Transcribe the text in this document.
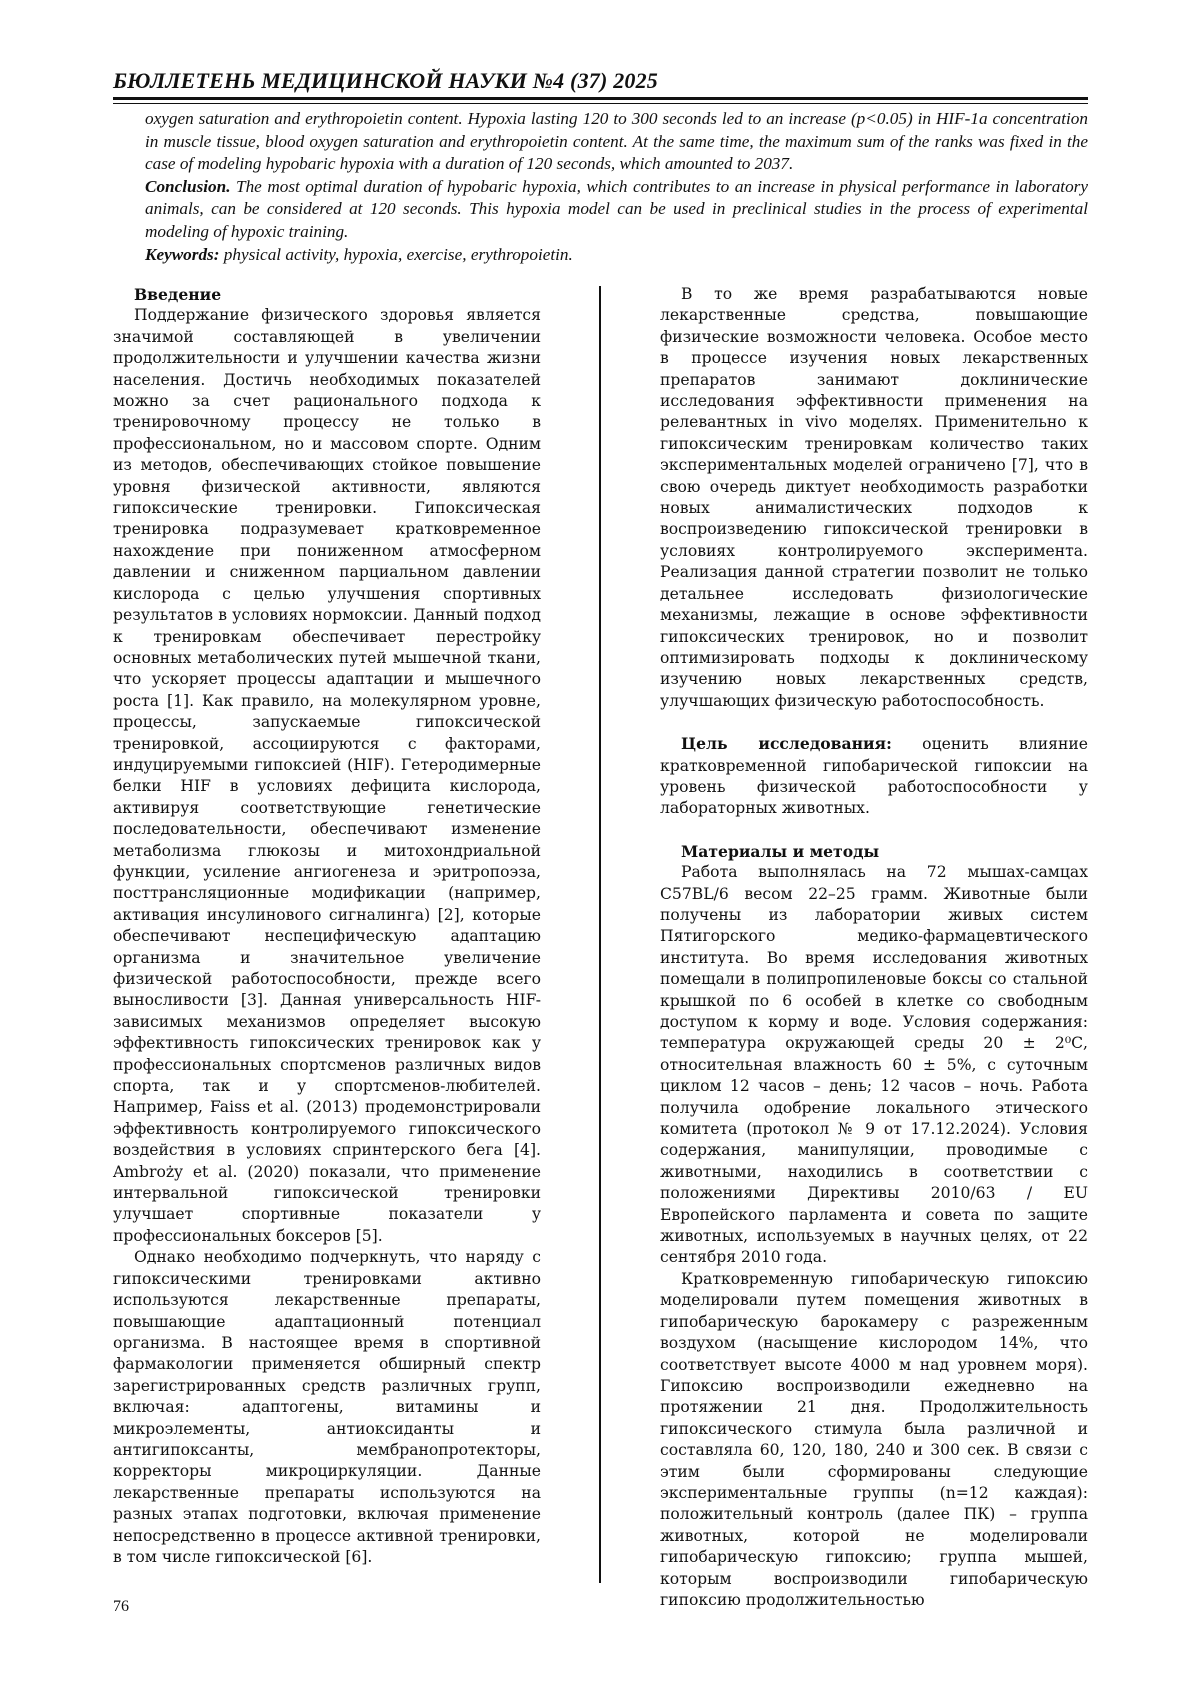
БЮЛЛЕТЕНЬ МЕДИЦИНСКОЙ НАУКИ №4 (37) 2025

oxygen saturation and erythropoietin content. Hypoxia lasting 120 to 300 seconds led to an increase (p<0.05) in HIF-1a concentration in muscle tissue, blood oxygen saturation and erythropoietin content. At the same time, the maximum sum of the ranks was fixed in the case of modeling hypobaric hypoxia with a duration of 120 seconds, which amounted to 2037.

Conclusion. The most optimal duration of hypobaric hypoxia, which contributes to an increase in physical performance in laboratory animals, can be considered at 120 seconds. This hypoxia model can be used in preclinical studies in the process of experimental modeling of hypoxic training.

Keywords: physical activity, hypoxia, exercise, erythropoietin.

Введение

Поддержание физического здоровья является значимой составляющей в увеличении продолжительности и улучшении качества жизни населения. Достичь необходимых показателей можно за счет рационального подхода к тренировочному процессу не только в профессиональном, но и массовом спорте. Одним из методов, обеспечивающих стойкое повышение уровня физической активности, являются гипоксические тренировки. Гипоксическая тренировка подразумевает кратковременное нахождение при пониженном атмосферном давлении и сниженном парциальном давлении кислорода с целью улучшения спортивных результатов в условиях нормоксии. Данный подход к тренировкам обеспечивает перестройку основных метаболических путей мышечной ткани, что ускоряет процессы адаптации и мышечного роста [1]. Как правило, на молекулярном уровне, процессы, запускаемые гипоксической тренировкой, ассоциируются с факторами, индуцируемыми гипоксией (HIF). Гетеродимерные белки HIF в условиях дефицита кислорода, активируя соответствующие генетические последовательности, обеспечивают изменение метаболизма глюкозы и митохондриальной функции, усиление ангиогенеза и эритропоэза, посттрансляционные модификации (например, активация инсулинового сигналинга) [2], которые обеспечивают неспецифическую адаптацию организма и значительное увеличение физической работоспособности, прежде всего выносливости [3]. Данная универсальность HIF-зависимых механизмов определяет высокую эффективность гипоксических тренировок как у профессиональных спортсменов различных видов спорта, так и у спортсменов-любителей. Например, Faiss et al. (2013) продемонстрировали эффективность контролируемого гипоксического воздействия в условиях спринтерского бега [4]. Ambroży et al. (2020) показали, что применение интервальной гипоксической тренировки улучшает спортивные показатели у профессиональных боксеров [5].

Однако необходимо подчеркнуть, что наряду с гипоксическими тренировками активно используются лекарственные препараты, повышающие адаптационный потенциал организма. В настоящее время в спортивной фармакологии применяется обширный спектр зарегистрированных средств различных групп, включая: адаптогены, витамины и микроэлементы, антиоксиданты и антигипоксанты, мембранопротекторы, корректоры микроциркуляции. Данные лекарственные препараты используются на разных этапах подготовки, включая применение непосредственно в процессе активной тренировки, в том числе гипоксической [6].

В то же время разрабатываются новые лекарственные средства, повышающие физические возможности человека. Особое место в процессе изучения новых лекарственных препаратов занимают доклинические исследования эффективности применения на релевантных in vivo моделях. Применительно к гипоксическим тренировкам количество таких экспериментальных моделей ограничено [7], что в свою очередь диктует необходимость разработки новых анималистических подходов к воспроизведению гипоксической тренировки в условиях контролируемого эксперимента. Реализация данной стратегии позволит не только детальнее исследовать физиологические механизмы, лежащие в основе эффективности гипоксических тренировок, но и позволит оптимизировать подходы к доклиническому изучению новых лекарственных средств, улучшающих физическую работоспособность.

Цель исследования: оценить влияние кратковременной гипобарической гипоксии на уровень физической работоспособности у лабораторных животных.

Материалы и методы

Работа выполнялась на 72 мышах-самцах C57BL/6 весом 22–25 грамм. Животные были получены из лаборатории живых систем Пятигорского медико-фармацевтического института. Во время исследования животных помещали в полипропиленовые боксы со стальной крышкой по 6 особей в клетке со свободным доступом к корму и воде. Условия содержания: температура окружающей среды 20 ± 2⁰С, относительная влажность 60 ± 5%, с суточным циклом 12 часов – день; 12 часов – ночь. Работа получила одобрение локального этического комитета (протокол № 9 от 17.12.2024). Условия содержания, манипуляции, проводимые с животными, находились в соответствии с положениями Директивы 2010/63 / EU Европейского парламента и совета по защите животных, используемых в научных целях, от 22 сентября 2010 года.

Кратковременную гипобарическую гипоксию моделировали путем помещения животных в гипобарическую барокамеру с разреженным воздухом (насыщение кислородом 14%, что соответствует высоте 4000 м над уровнем моря). Гипоксию воспроизводили ежедневно на протяжении 21 дня. Продолжительность гипоксического стимула была различной и составляла 60, 120, 180, 240 и 300 сек. В связи с этим были сформированы следующие экспериментальные группы (n=12 каждая): положительный контроль (далее ПК) – группа животных, которой не моделировали гипобарическую гипоксию; группа мышей, которым воспроизводили гипобарическую гипоксию продолжительностью

76
